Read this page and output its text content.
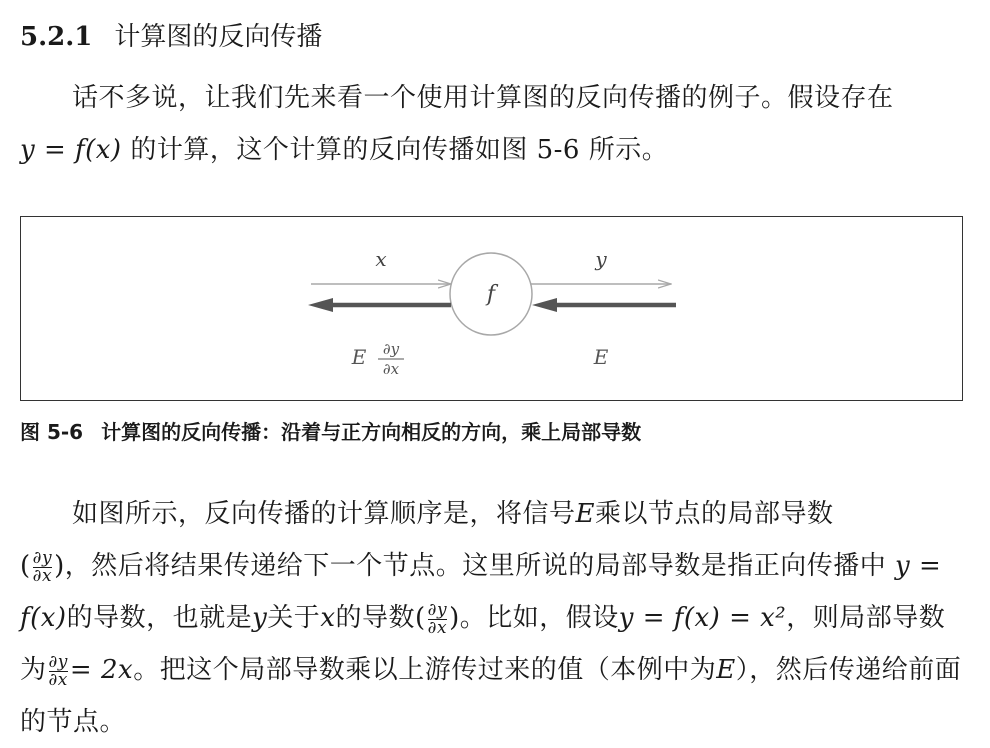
5.2.1 计算图的反向传播
话不多说，让我们先来看一个使用计算图的反向传播的例子。假设存在
y = f(x) 的计算，这个计算的反向传播如图 5-6 所示。
x	y
f
E ∂y
∂x	E
图 5-6 计算图的反向传播：沿着与正方向相反的方向，乘上局部导数
如图所示，反向传播的计算顺序是，将信号E乘以节点的局部导数
( $\frac{\partial y}{\partial x}$ )，然后将结果传递给下一个节点。这里所说的局部导数是指正向传播中 y = f(x)的导数，也就是y关于x的导数( $\frac{\partial y}{\partial x}$ )。比如，假设y = f(x) = x²，则局部导数为 $\frac{\partial y}{\partial x} = 2x$。把这个局部导数乘以上游传过来的值（本例中为E），然后传递给前面的节点。
